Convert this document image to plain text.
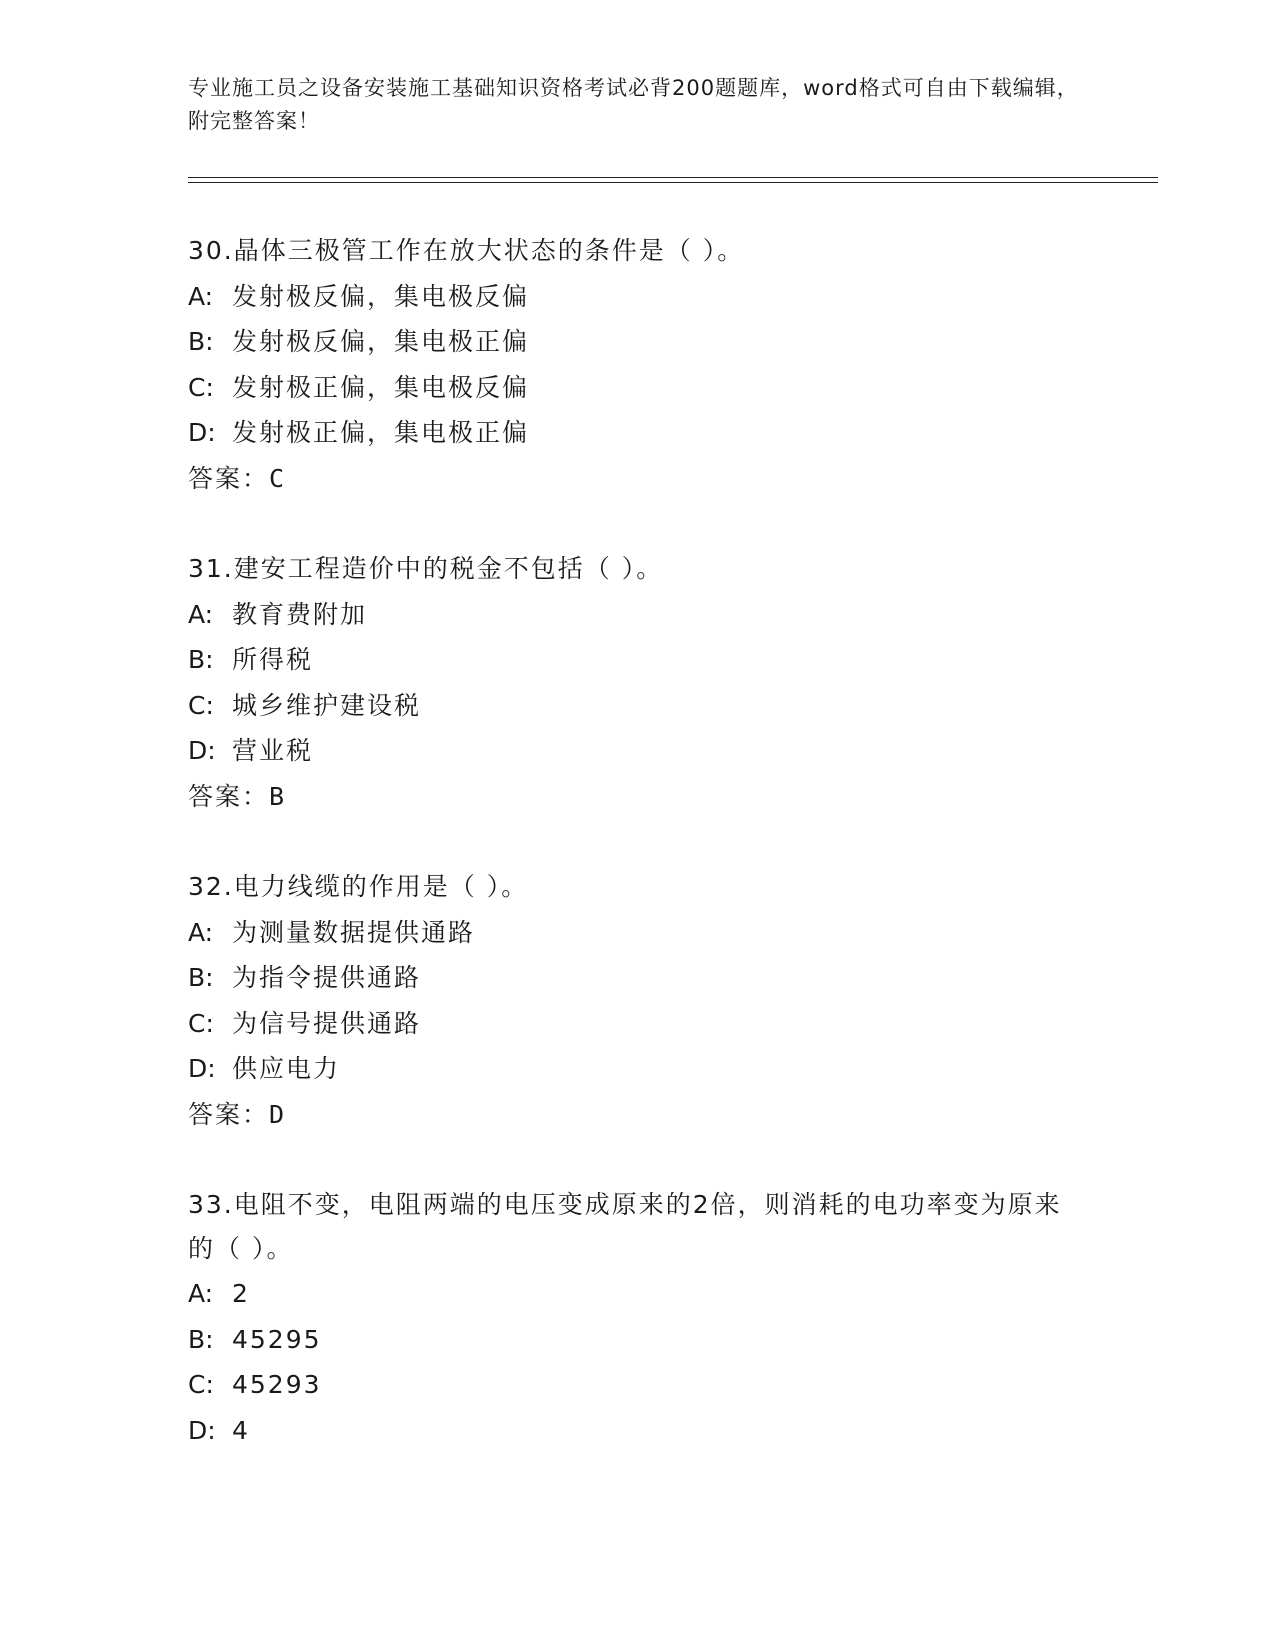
专业施工员之设备安装施工基础知识资格考试必背200题题库，word格式可自由下载编辑，附完整答案！
30.晶体三极管工作在放大状态的条件是（ ）。
A: 发射极反偏，集电极反偏
B: 发射极反偏，集电极正偏
C: 发射极正偏，集电极反偏
D: 发射极正偏，集电极正偏
答案：C
31.建安工程造价中的税金不包括（ ）。
A: 教育费附加
B: 所得税
C: 城乡维护建设税
D: 营业税
答案：B
32.电力线缆的作用是（ ）。
A: 为测量数据提供通路
B: 为指令提供通路
C: 为信号提供通路
D: 供应电力
答案：D
33.电阻不变，电阻两端的电压变成原来的2倍，则消耗的电功率变为原来的（ ）。
A: 2
B: 45295
C: 45293
D: 4
